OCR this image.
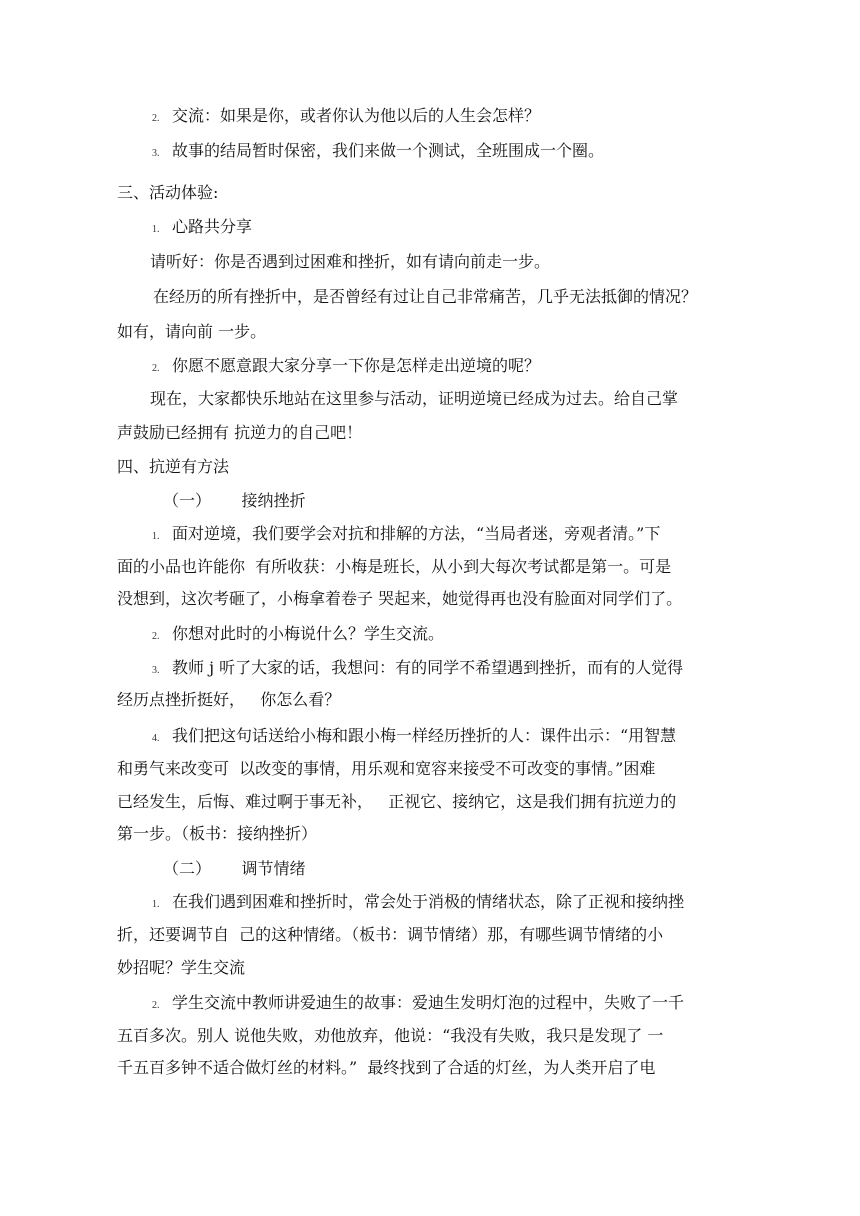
2. 交流：如果是你，或者你认为他以后的人生会怎样？
3. 故事的结局暂时保密，我们来做一个测试，全班围成一个圈。
三、活动体验:
1. 心路共分享
请听好：你是否遇到过困难和挫折，如有请向前走一步。
在经历的所有挫折中，是否曾经有过让自己非常痛苦，几乎无法抵御的情况？
如有，请向前 一步。
2. 你愿不愿意跟大家分享一下你是怎样走出逆境的呢？
现在，大家都快乐地站在这里参与活动，证明逆境已经成为过去。给自己掌
声鼓励已经拥有 抗逆力的自己吧！
四、抗逆有方法
（一）      接纳挫折
1. 面对逆境，我们要学会对抗和排解的方法，“当局者迷，旁观者清。”下
面的小品也许能你  有所收获：小梅是班长，从小到大每次考试都是第一。可是
没想到，这次考砸了，小梅拿着卷子 哭起来，她觉得再也没有脸面对同学们了。
2. 你想对此时的小梅说什么？学生交流。
3. 教师 j 听了大家的话，我想问：有的同学不希望遇到挫折，而有的人觉得
经历点挫折挺好，   你怎么看？
4. 我们把这句话送给小梅和跟小梅一样经历挫折的人：课件出示：“用智慧
和勇气来改变可  以改变的事情，用乐观和宽容来接受不可改变的事情。”困难
已经发生，后悔、难过啊于事无补，   正视它、接纳它，这是我们拥有抗逆力的
第一步。（板书：接纳挫折）
（二）      调节情绪
1. 在我们遇到困难和挫折时，常会处于消极的情绪状态，除了正视和接纳挫
折，还要调节自  己的这种情绪。（板书：调节情绪）那，有哪些调节情绪的小
妙招呢？学生交流
2. 学生交流中教师讲爱迪生的故事：爱迪生发明灯泡的过程中，失败了一千
五百多次。别人 说他失败，劝他放弃，他说：“我没有失败，我只是发现了 一
千五百多钟不适合做灯丝的材料。”  最终找到了合适的灯丝，为人类开启了电
